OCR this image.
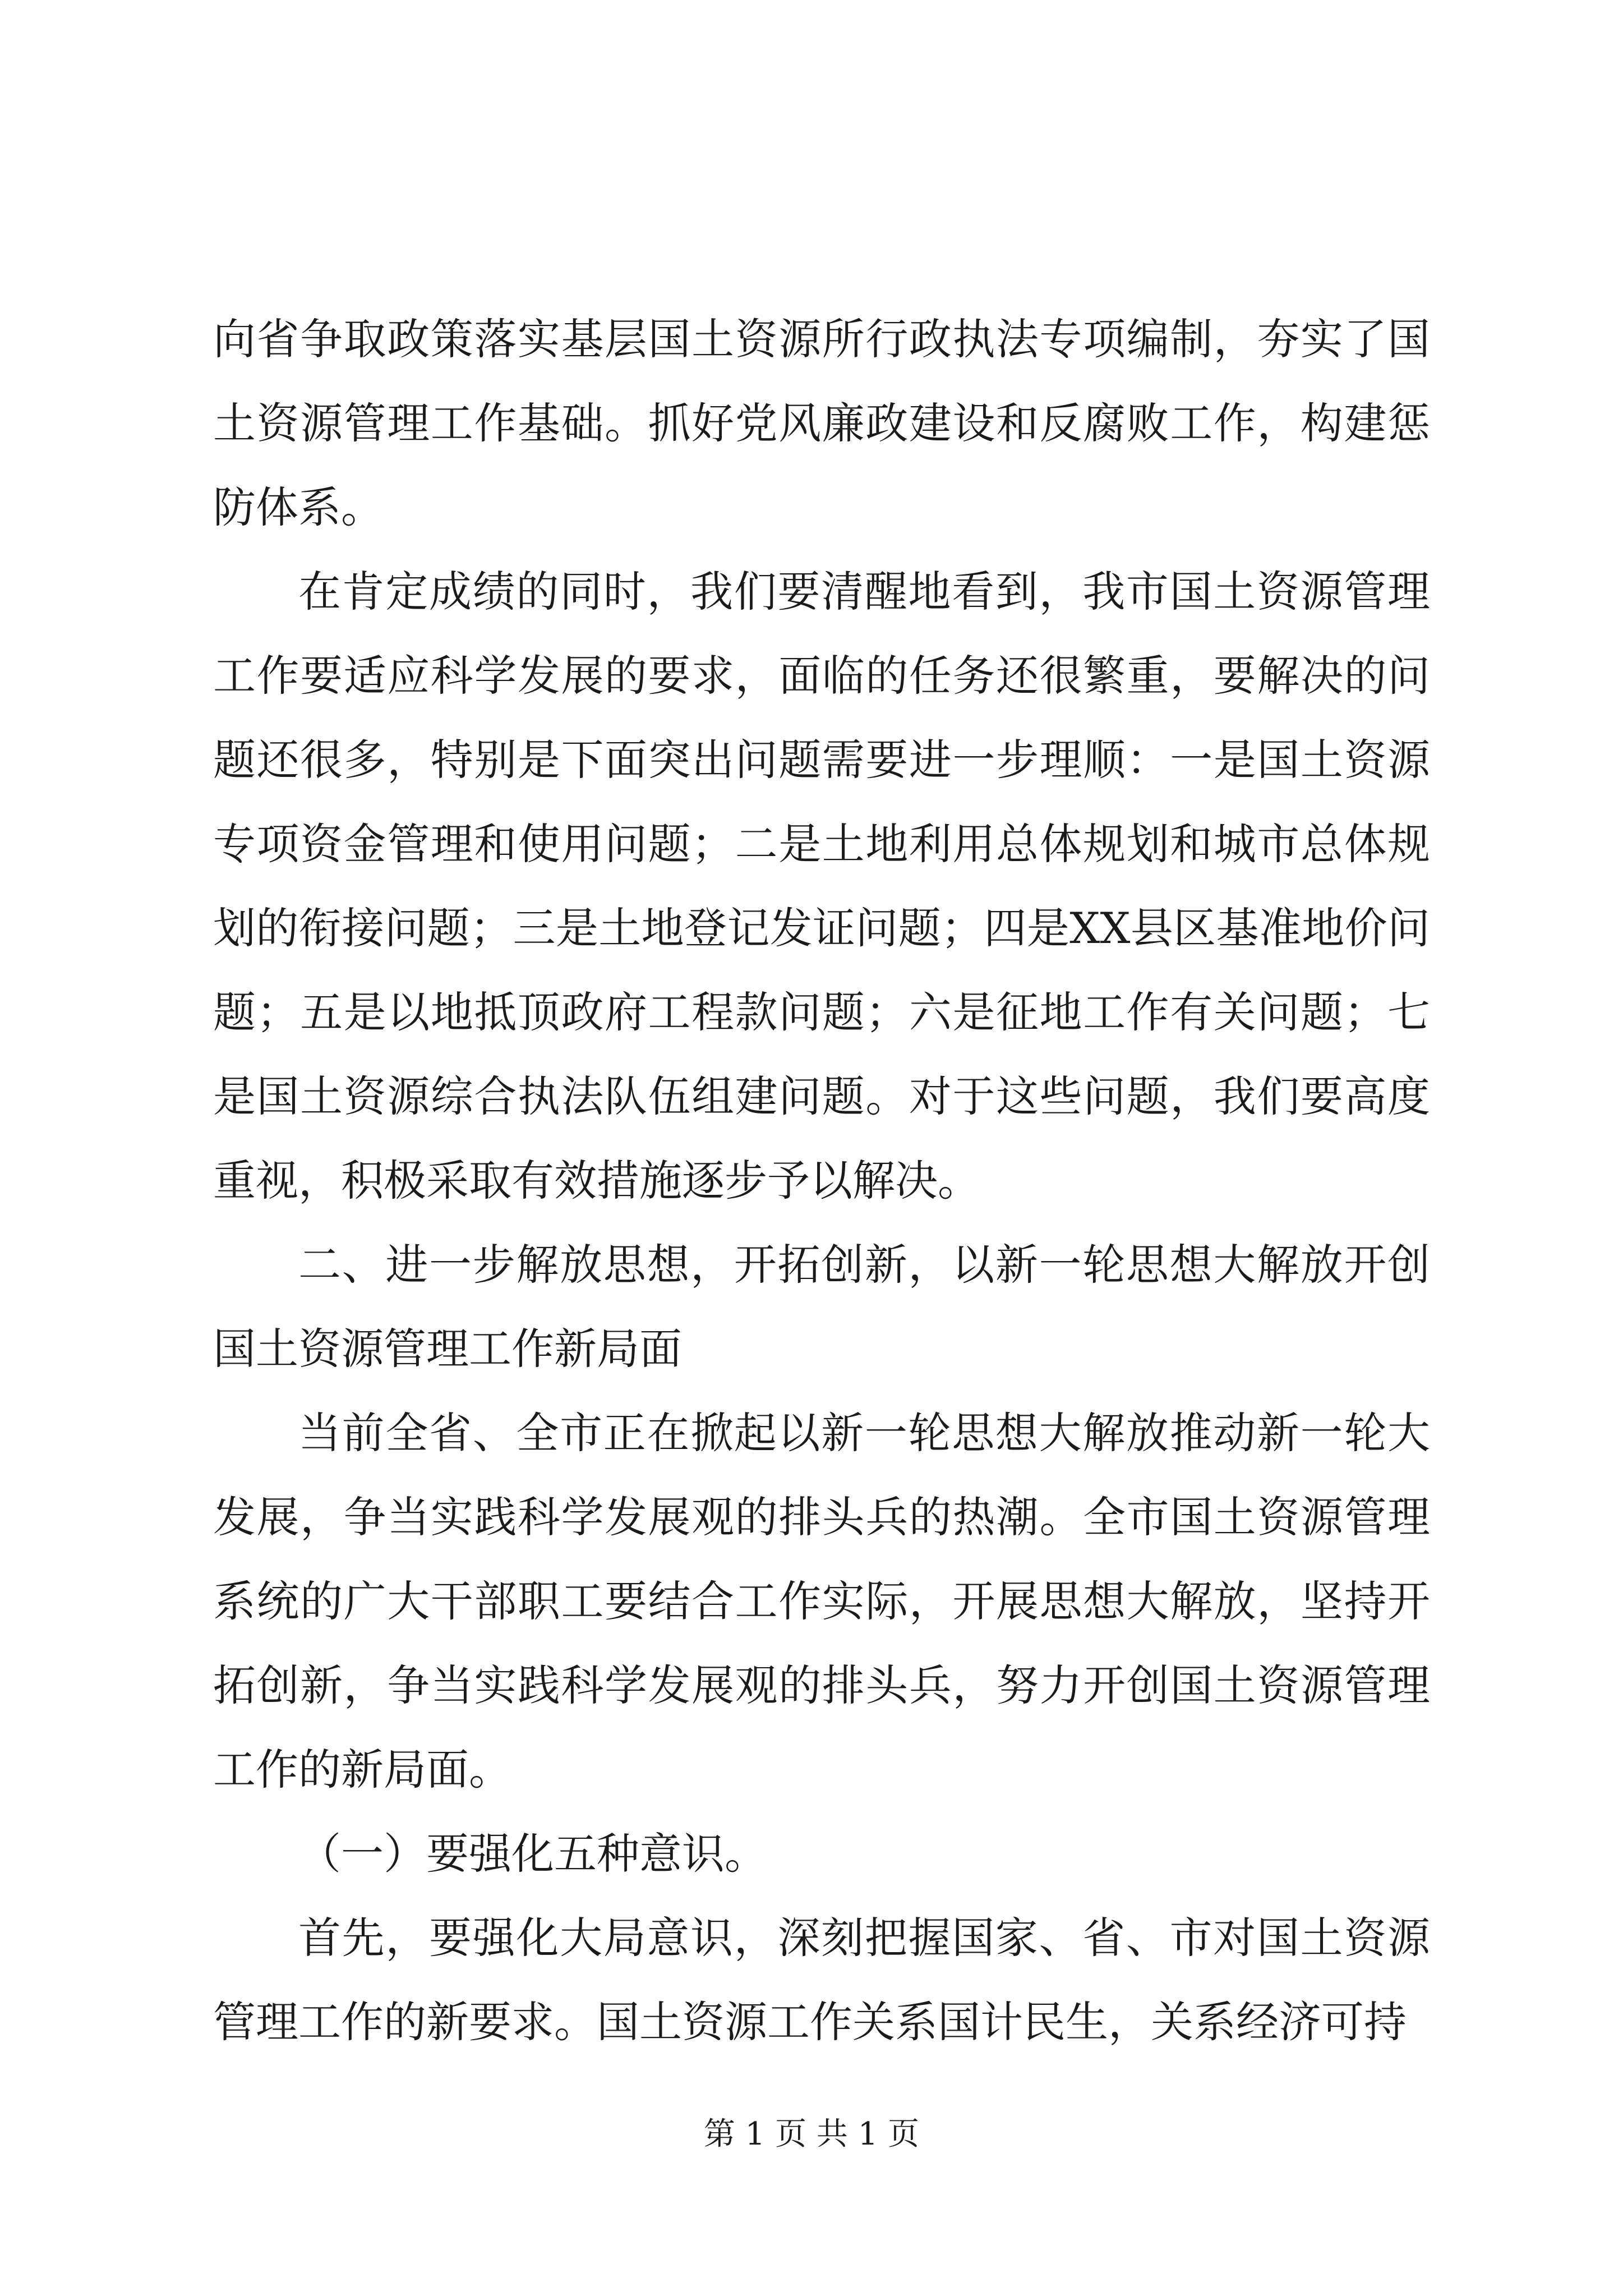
向省争取政策落实基层国土资源所行政执法专项编制，夯实了国土资源管理工作基础。抓好党风廉政建设和反腐败工作，构建惩防体系。

在肯定成绩的同时，我们要清醒地看到，我市国土资源管理工作要适应科学发展的要求，面临的任务还很繁重，要解决的问题还很多，特别是下面突出问题需要进一步理顺：一是国土资源专项资金管理和使用问题；二是土地利用总体规划和城市总体规划的衔接问题；三是土地登记发证问题；四是XX县区基准地价问题；五是以地抵顶政府工程款问题；六是征地工作有关问题；七是国土资源综合执法队伍组建问题。对于这些问题，我们要高度重视，积极采取有效措施逐步予以解决。

二、进一步解放思想，开拓创新，以新一轮思想大解放开创国土资源管理工作新局面

当前全省、全市正在掀起以新一轮思想大解放推动新一轮大发展，争当实践科学发展观的排头兵的热潮。全市国土资源管理系统的广大干部职工要结合工作实际，开展思想大解放，坚持开拓创新，争当实践科学发展观的排头兵，努力开创国土资源管理工作的新局面。

（一）要强化五种意识。

首先，要强化大局意识，深刻把握国家、省、市对国土资源管理工作的新要求。国土资源工作关系国计民生，关系经济可持

第 1 页 共 1 页
